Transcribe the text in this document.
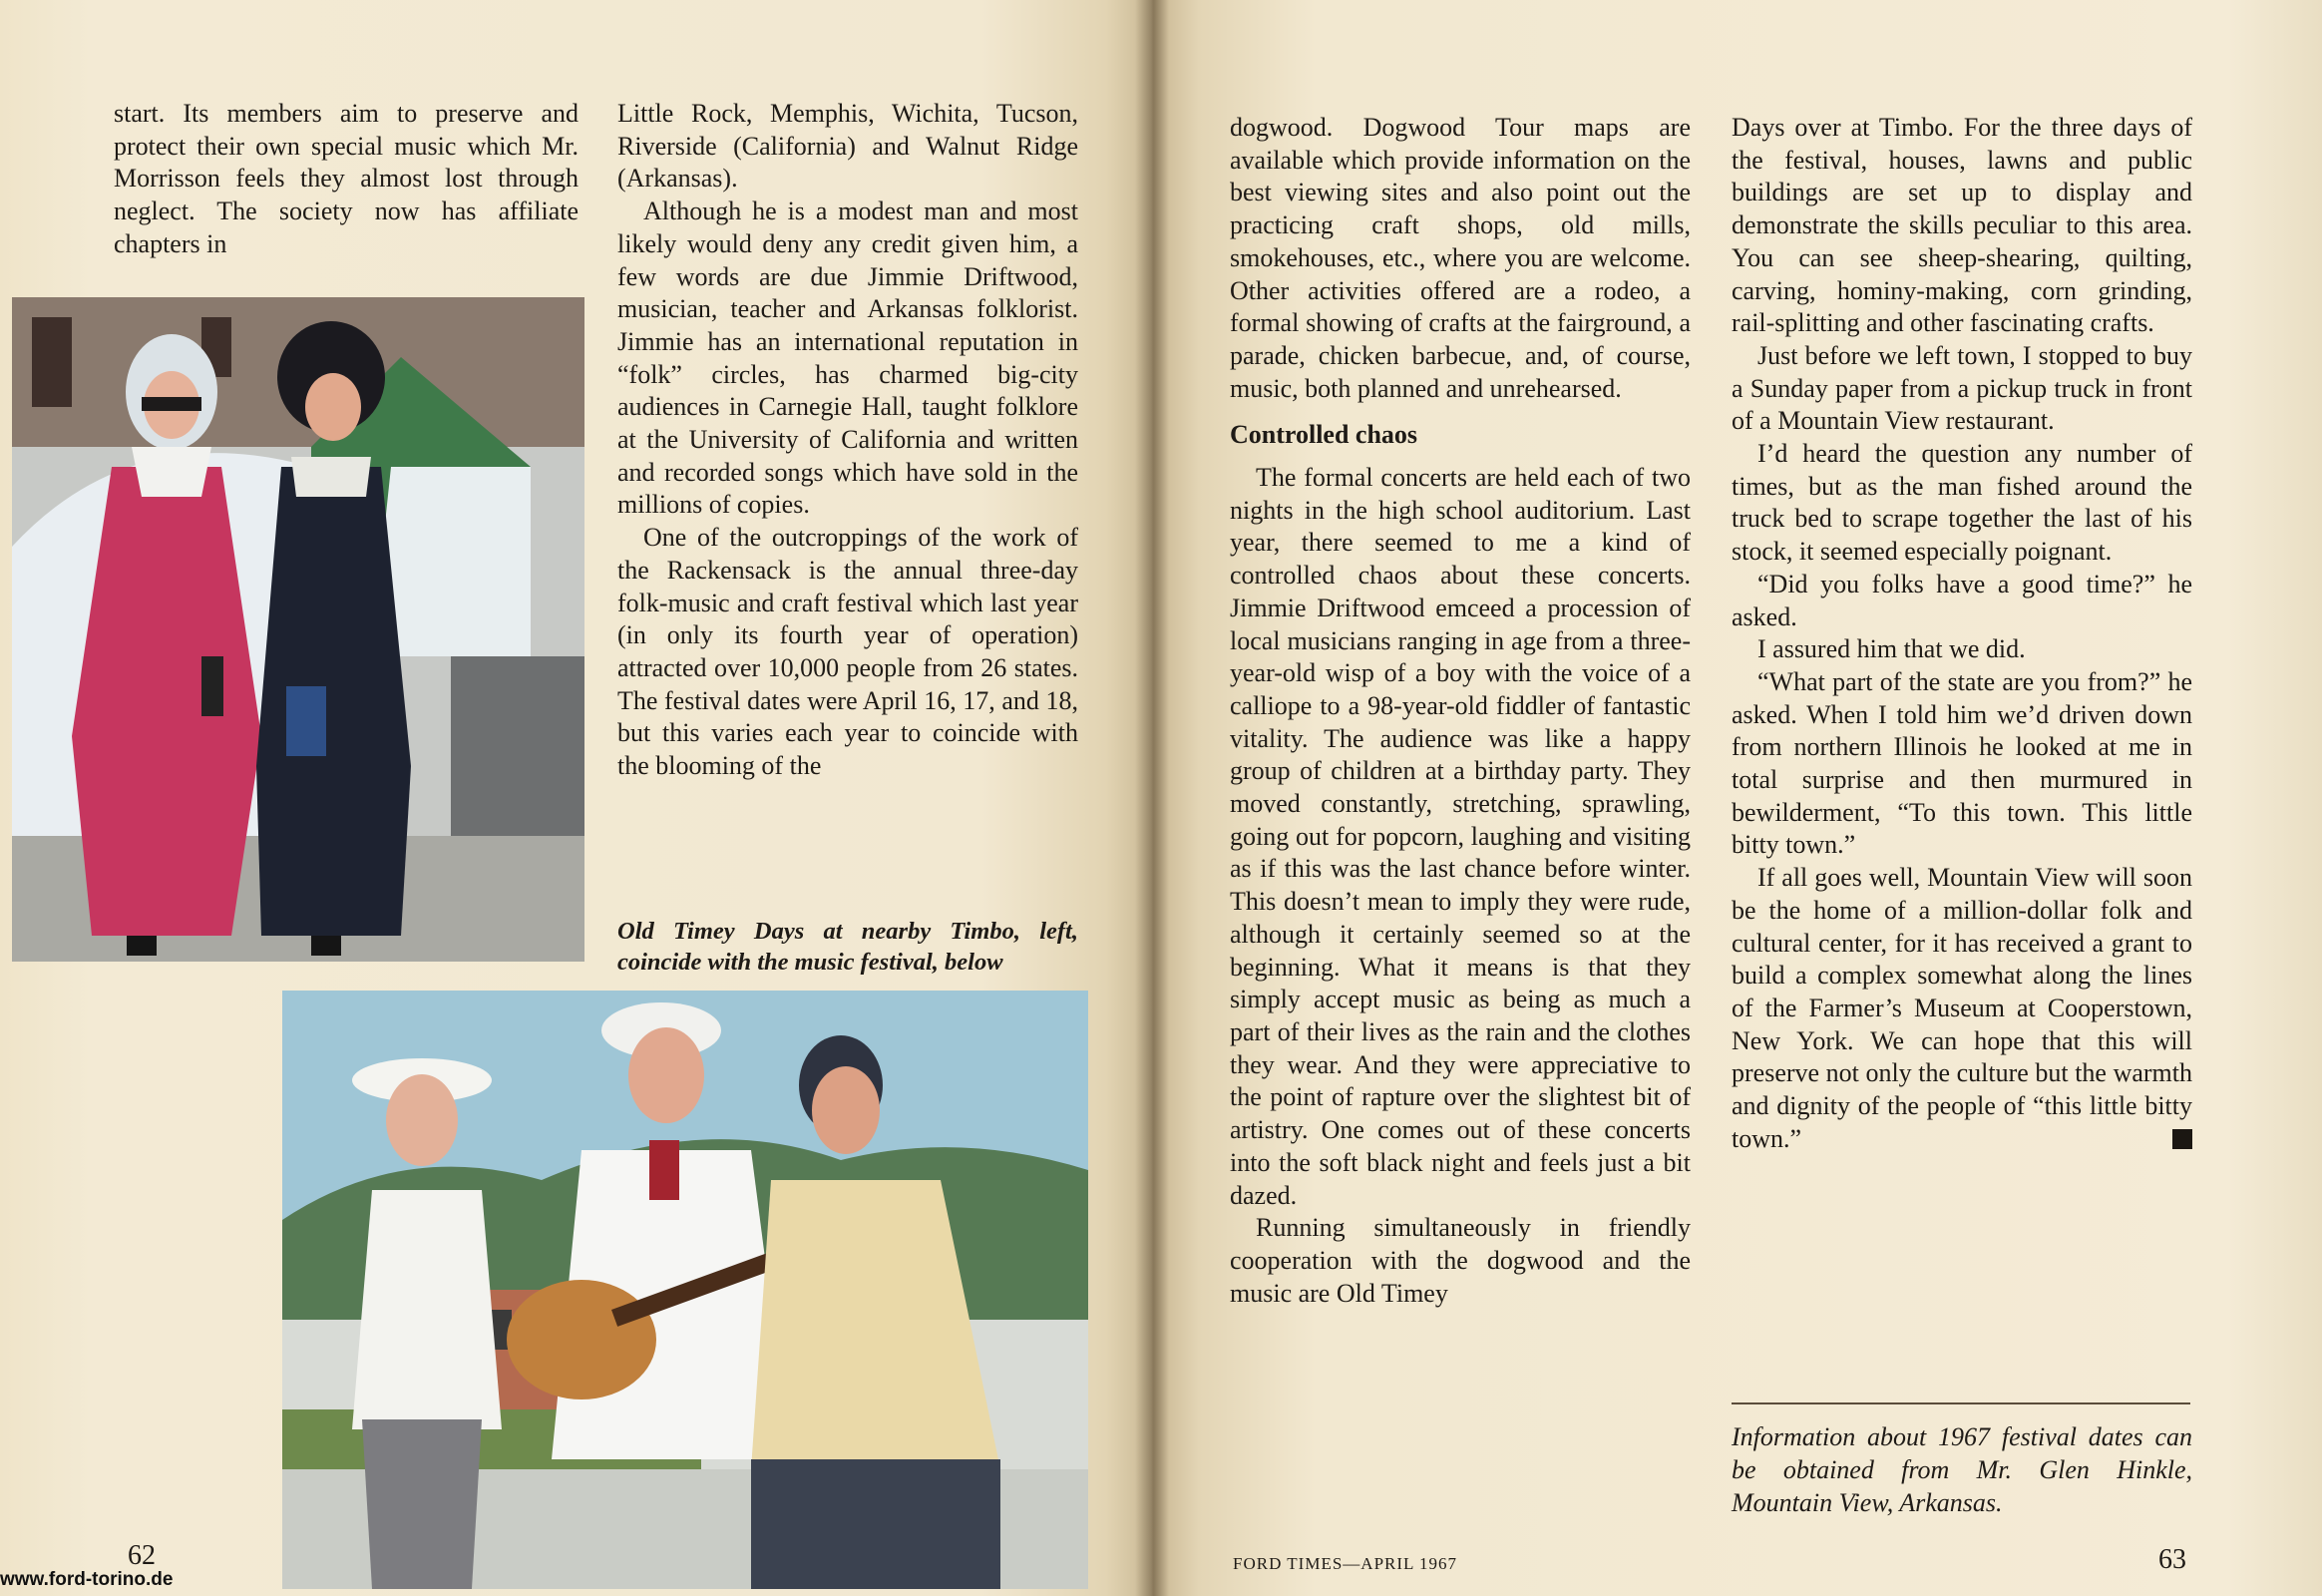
start. Its members aim to preserve and protect their own special music which Mr. Morrisson feels they almost lost through neglect. The society now has affiliate chapters in

Little Rock, Memphis, Wichita, Tucson, Riverside (California) and Walnut Ridge (Arkansas).

Although he is a modest man and most likely would deny any credit given him, a few words are due Jimmie Driftwood, musician, teacher and Arkansas folklorist. Jimmie has an international reputation in “folk” circles, has charmed big-city audiences in Carnegie Hall, taught folklore at the University of California and written and recorded songs which have sold in the millions of copies.

One of the outcroppings of the work of the Rackensack is the annual three-day folk-music and craft festival which last year (in only its fourth year of operation) attracted over 10,000 people from 26 states. The festival dates were April 16, 17, and 18, but this varies each year to coincide with the blooming of the

Old Timey Days at nearby Timbo, left, coincide with the music festival, below
62
www.ford-torino.de

dogwood. Dogwood Tour maps are available which provide information on the best viewing sites and also point out the practicing craft shops, old mills, smokehouses, etc., where you are welcome. Other activities offered are a rodeo, a formal showing of crafts at the fairground, a parade, chicken barbecue, and, of course, music, both planned and unrehearsed.

Controlled chaos

The formal concerts are held each of two nights in the high school auditorium. Last year, there seemed to me a kind of controlled chaos about these concerts. Jimmie Driftwood emceed a procession of local musicians ranging in age from a three-year-old wisp of a boy with the voice of a calliope to a 98-year-old fiddler of fantastic vitality. The audience was like a happy group of children at a birthday party. They moved constantly, stretching, sprawling, going out for popcorn, laughing and visiting as if this was the last chance before winter. This doesn’t mean to imply they were rude, although it certainly seemed so at the beginning. What it means is that they simply accept music as being as much a part of their lives as the rain and the clothes they wear. And they were appreciative to the point of rapture over the slightest bit of artistry. One comes out of these concerts into the soft black night and feels just a bit dazed.

Running simultaneously in friendly cooperation with the dogwood and the music are Old Timey

Days over at Timbo. For the three days of the festival, houses, lawns and public buildings are set up to display and demonstrate the skills peculiar to this area. You can see sheep-shearing, quilting, carving, hominy-making, corn grinding, rail-splitting and other fascinating crafts.

Just before we left town, I stopped to buy a Sunday paper from a pickup truck in front of a Mountain View restaurant.

I’d heard the question any number of times, but as the man fished around the truck bed to scrape together the last of his stock, it seemed especially poignant.

“Did you folks have a good time?” he asked.

I assured him that we did.

“What part of the state are you from?” he asked. When I told him we’d driven down from northern Illinois he looked at me in total surprise and then murmured in bewilderment, “To this town. This little bitty town.”

If all goes well, Mountain View will soon be the home of a million-dollar folk and cultural center, for it has received a grant to build a complex somewhat along the lines of the Farmer’s Museum at Cooperstown, New York. We can hope that this will preserve not only the culture but the warmth and dignity of the people of “this little bitty town.”

Information about 1967 festival dates can be obtained from Mr. Glen Hinkle, Mountain View, Arkansas.
FORD TIMES—APRIL 1967	63
